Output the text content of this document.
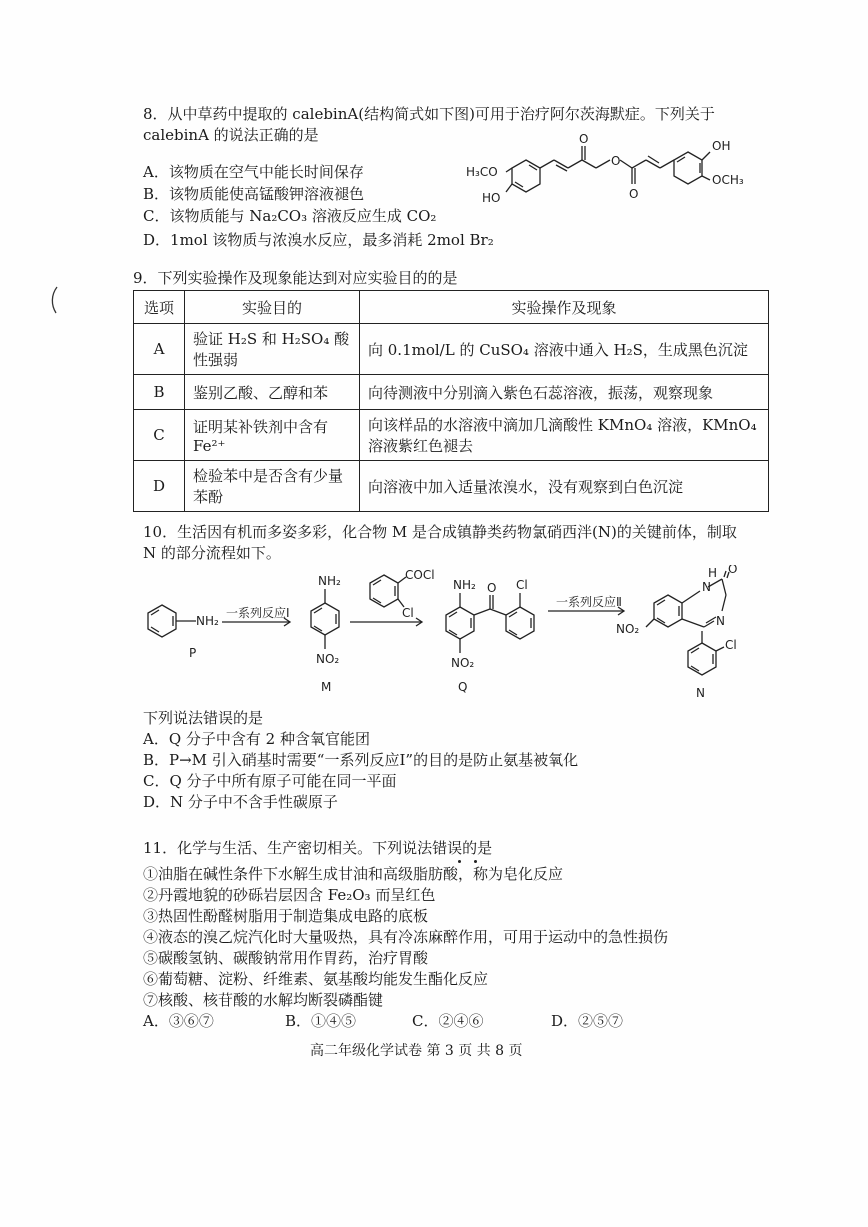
8．从中草药中提取的 calebinA(结构简式如下图)可用于治疗阿尔茨海默症。下列关于
calebinA 的说法正确的是
A．该物质在空气中能长时间保存
B．该物质能使高锰酸钾溶液褪色
C．该物质能与 Na₂CO₃ 溶液反应生成 CO₂
D．1mol 该物质与浓溴水反应，最多消耗 2mol Br₂
H₃CO
HO
O
O
O
OH
OCH₃
9．下列实验操作及现象能达到对应实验目的的是
选项	实验目的	实验操作及现象
A	验证 H₂S 和 H₂SO₄ 酸性强弱	向 0.1mol/L 的 CuSO₄ 溶液中通入 H₂S，生成黑色沉淀
B	鉴别乙酸、乙醇和苯	向待测液中分别滴入紫色石蕊溶液，振荡，观察现象
C	证明某补铁剂中含有 Fe²⁺	向该样品的水溶液中滴加几滴酸性 KMnO₄ 溶液，KMnO₄ 溶液紫红色褪去
D	检验苯中是否含有少量苯酚	向溶液中加入适量浓溴水，没有观察到白色沉淀
10．生活因有机而多姿多彩，化合物 M 是合成镇静类药物氯硝西泮(N)的关键前体，制取
N 的部分流程如下。
NH₂
P
一系列反应Ⅰ
NH₂
NO₂
M
COCl
Cl
NH₂ O Cl
NO₂
Q
一系列反应Ⅱ
NO₂
H
N
O
N
Cl
N
下列说法错误的是
A．Q 分子中含有 2 种含氧官能团
B．P→M 引入硝基时需要“一系列反应Ⅰ”的目的是防止氨基被氧化
C．Q 分子中所有原子可能在同一平面
D．N 分子中不含手性碳原子
11．化学与生活、生产密切相关。下列说法错误的是
①油脂在碱性条件下水解生成甘油和高级脂肪酸，称为皂化反应
②丹霞地貌的砂砾岩层因含 Fe₂O₃ 而呈红色
③热固性酚醛树脂用于制造集成电路的底板
④液态的溴乙烷汽化时大量吸热，具有冷冻麻醉作用，可用于运动中的急性损伤
⑤碳酸氢钠、碳酸钠常用作胃药，治疗胃酸
⑥葡萄糖、淀粉、纤维素、氨基酸均能发生酯化反应
⑦核酸、核苷酸的水解均断裂磷酯键
A．③⑥⑦	B．①④⑤	C．②④⑥	D．②⑤⑦
高二年级化学试卷 第 3 页 共 8 页
